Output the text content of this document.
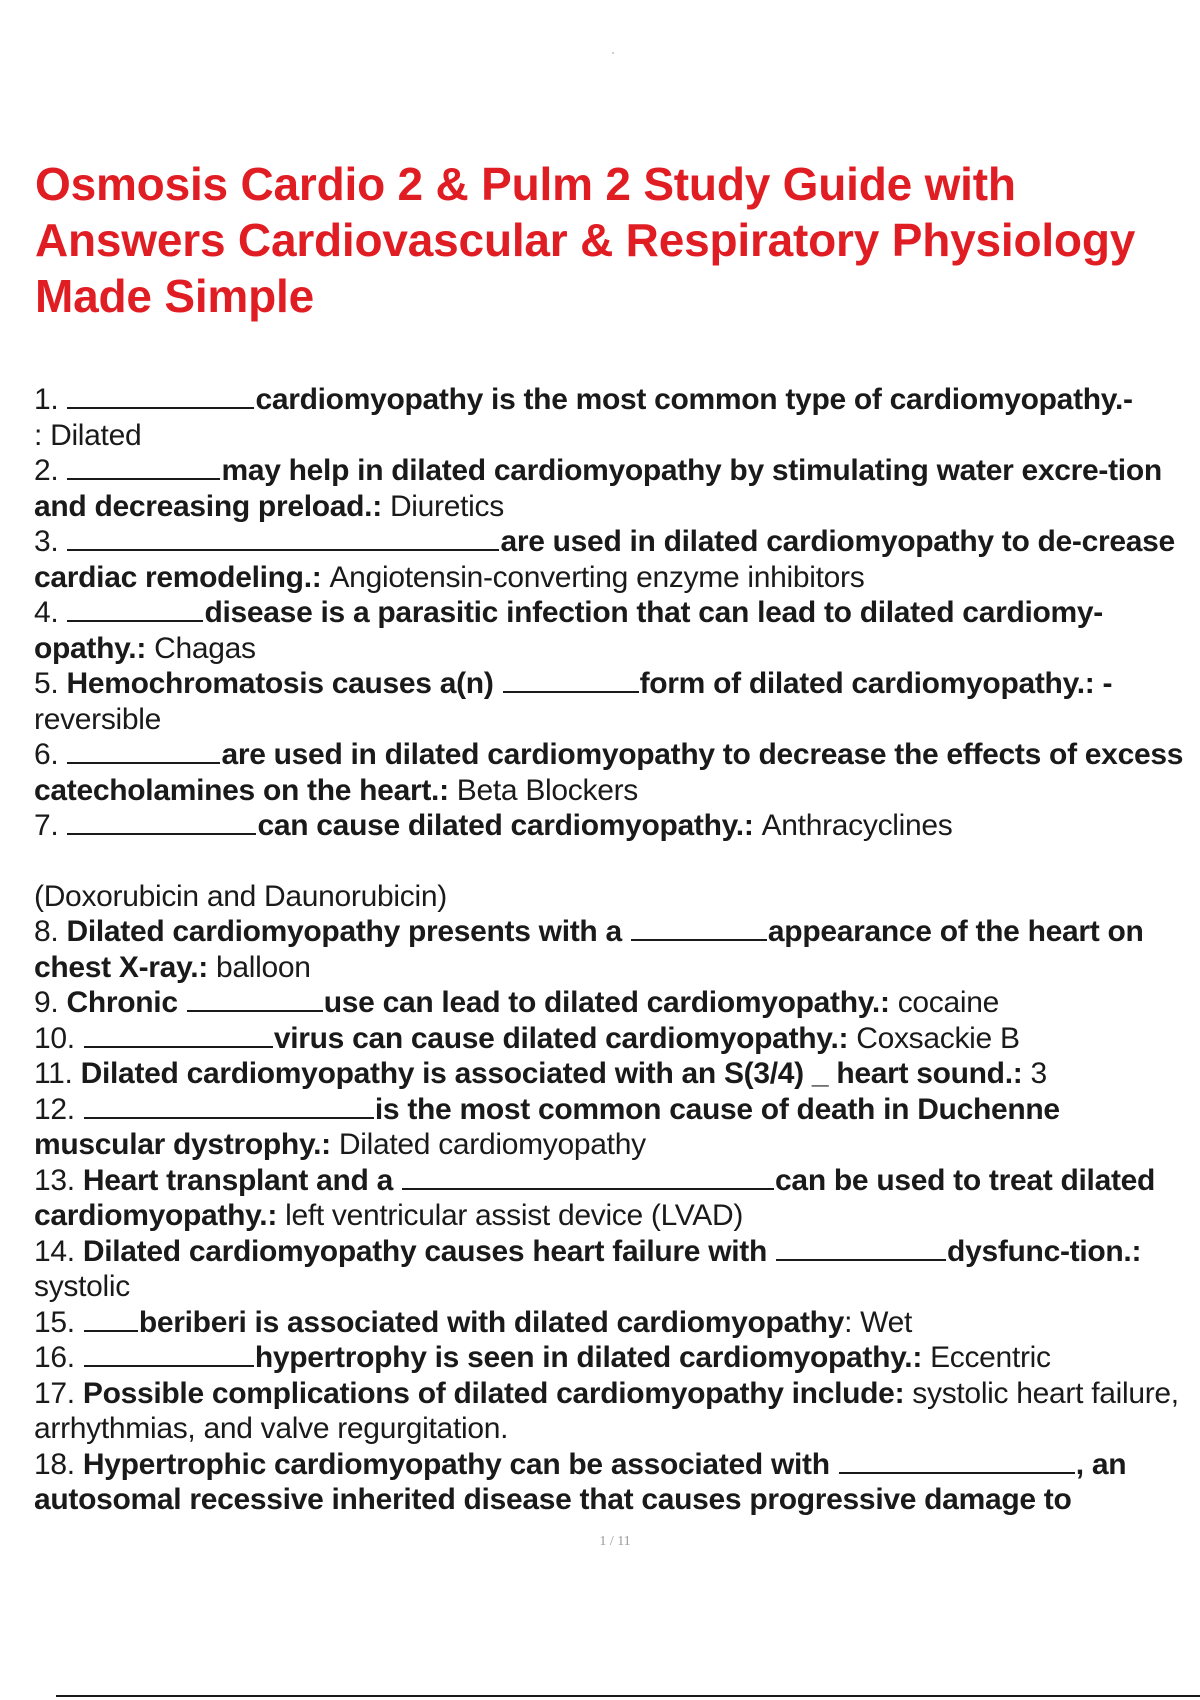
Osmosis Cardio 2 & Pulm 2 Study Guide with Answers Cardiovascular & Respiratory Physiology Made Simple

1.	cardiomyopathy is the most common type of cardiomyopathy.-
: Dilated

2.	may help in dilated cardiomyopathy by stimulating water excre-tion and decreasing preload.: Diuretics

3.	are used in dilated cardiomyopathy to de-crease cardiac remodeling.: Angiotensin-converting enzyme inhibitors

4.	disease is a parasitic infection that can lead to dilated cardiomy-opathy.: Chagas

5. Hemochromatosis causes a(n)	form of dilated cardiomyopathy.: -
reversible

6.	are used in dilated cardiomyopathy to decrease the effects of excess catecholamines on the heart.: Beta Blockers

7.	can cause dilated cardiomyopathy.: Anthracyclines

(Doxorubicin and Daunorubicin)

8. Dilated cardiomyopathy presents with a	appearance of the heart on chest X-ray.: balloon

9. Chronic	use can lead to dilated cardiomyopathy.: cocaine

10.	virus can cause dilated cardiomyopathy.: Coxsackie B

11. Dilated cardiomyopathy is associated with an S(3/4) _ heart sound.: 3

12.	is the most common cause of death in Duchenne muscular dystrophy.: Dilated cardiomyopathy

13. Heart transplant and a	can be used to treat dilated cardiomyopathy.: left ventricular assist device (LVAD)

14. Dilated cardiomyopathy causes heart failure with	dysfunc-tion.: systolic

15. beriberi is associated with dilated cardiomyopathy: Wet

16.	hypertrophy is seen in dilated cardiomyopathy.: Eccentric

17. Possible complications of dilated cardiomyopathy include: systolic heart failure, arrhythmias, and valve regurgitation.

18. Hypertrophic cardiomyopathy can be associated with	, an autosomal recessive inherited disease that causes progressive damage to

1 / 11
